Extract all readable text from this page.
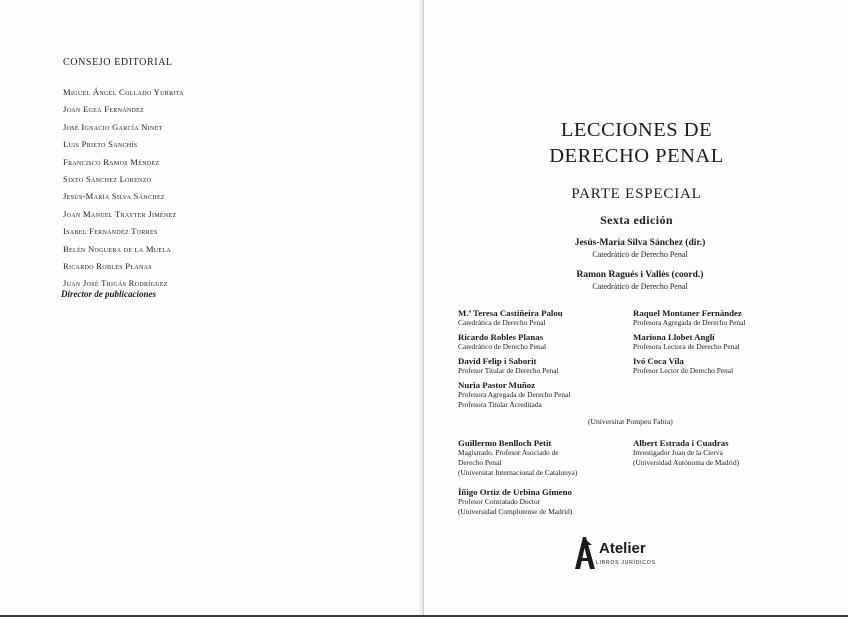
CONSEJO EDITORIAL
Miguel Ángel Collado Yurrita
Joan Egea Fernández
José Ignacio García Ninet
Luis Prieto Sanchís
Francisco Ramos Méndez
Sixto Sánchez Lorenzo
Jesús-María Silva Sánchez
Joan Manuel Trayter Jiménez
Isabel Fernández Torres
Belén Noguera de la Muela
Ricardo Robles Planas
Juan José Trigás Rodríguez
Director de publicaciones
LECCIONES DE
DERECHO PENAL
PARTE ESPECIAL
Sexta edición
Jesús-María Silva Sánchez (dir.)
Catedrático de Derecho Penal
Ramon Ragués i Vallès (coord.)
Catedrático de Derecho Penal
M.ª Teresa Castiñeira Palou
Catedrática de Derecho Penal
Ricardo Robles Planas
Catedrático de Derecho Penal
David Felip i Saborit
Profesor Titular de Derecho Penal
Nuria Pastor Muñoz
Profesora Agregada de Derecho Penal
Profesora Titular Acreditada
Raquel Montaner Fernández
Profesora Agregada de Derecho Penal
Mariona Llobet Anglí
Profesora Lectora de Derecho Penal
Ivó Coca Vila
Profesor Lector de Derecho Penal
(Universitat Pompeu Fabra)
Guillermo Benlloch Petit
Magistrado. Profesor Asociado de
Derecho Penal
(Universitat Internacional de Catalunya)
Íñigo Ortiz de Urbina Gimeno
Profesor Contratado Doctor
(Universidad Complutense de Madrid)
Albert Estrada i Cuadras
Investigador Juan de la Cierva
(Universidad Autónoma de Madrid)
Atelier
LIBROS JURÍDICOS
